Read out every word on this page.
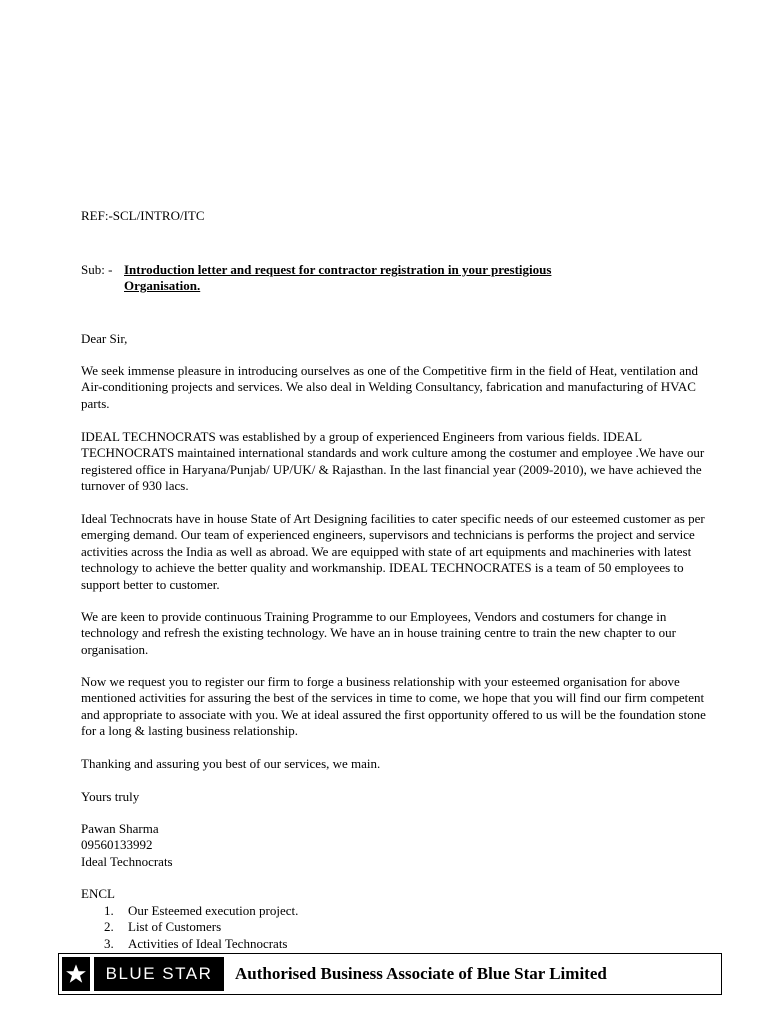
REF:-SCL/INTRO/ITC

Sub: - Introduction letter and request for contractor registration in your prestigious
Organisation.

Dear Sir,

We seek immense pleasure in introducing ourselves as one of the Competitive firm in the field of Heat, ventilation and Air-conditioning projects and services. We also deal in Welding Consultancy, fabrication and manufacturing of HVAC parts.

IDEAL TECHNOCRATS was established by a group of experienced Engineers from various fields. IDEAL TECHNOCRATS maintained international standards and work culture among the costumer and employee .We have our registered office in Haryana/Punjab/ UP/UK/ & Rajasthan. In the last financial year (2009-2010), we have achieved the turnover of 930 lacs.

Ideal Technocrats have in house State of Art Designing facilities to cater specific needs of our esteemed customer as per emerging demand. Our team of experienced engineers, supervisors and technicians is performs the project and service activities across the India as well as abroad. We are equipped with state of art equipments and machineries with latest technology to achieve the better quality and workmanship. IDEAL TECHNOCRATES is a team of 50 employees to support better to customer.

We are keen to provide continuous Training Programme to our Employees, Vendors and costumers for change in technology and refresh the existing technology. We have an in house training centre to train the new chapter to our organisation.

Now we request you to register our firm to forge a business relationship with your esteemed organisation for above mentioned activities for assuring the best of the services in time to come, we hope that you will find our firm competent and appropriate to associate with you. We at ideal assured the first opportunity offered to us will be the foundation stone for a long & lasting business relationship.

Thanking and assuring you best of our services, we main.

Yours truly

Pawan Sharma
09560133992
Ideal Technocrats

ENCL

1.	Our Esteemed execution project.
2.	List of Customers
3.	Activities of Ideal Technocrats
BLUE STAR	Authorised Business Associate of Blue Star Limited
